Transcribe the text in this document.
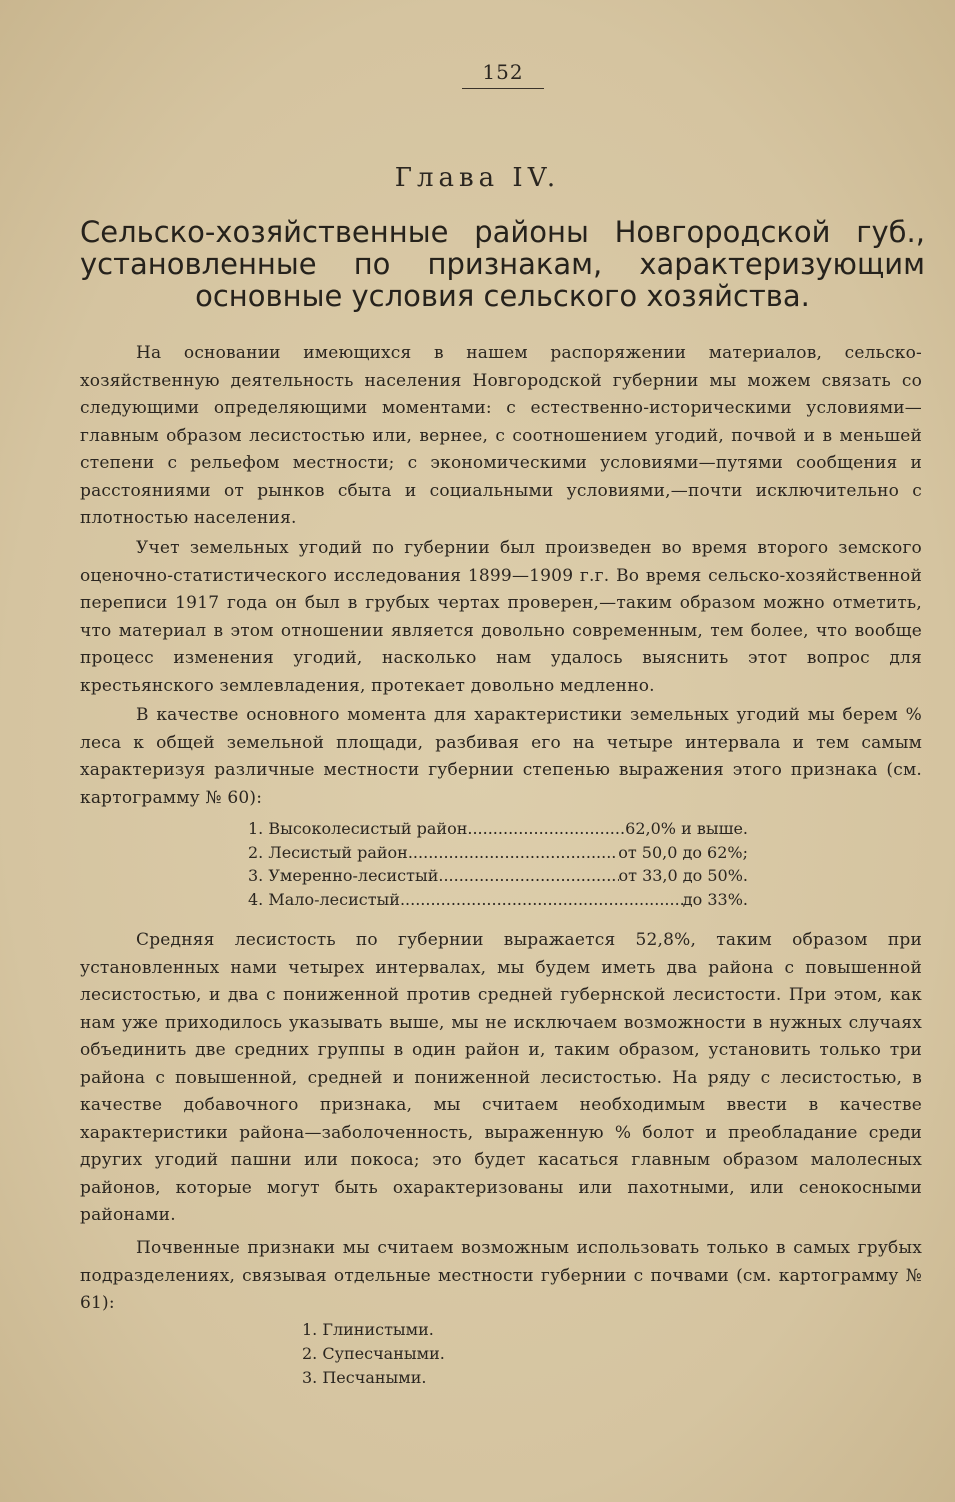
152
Глава IV.
Сельско-хозяйственные районы Новгородской губ., установленные по признакам, характеризующим основные условия сельского хозяйства.

На основании имеющихся в нашем распоряжении материалов, сельско-хозяйственную деятельность населения Новгородской губернии мы можем связать со следующими определяющими моментами: с естественно-историческими условиями— главным образом лесистостью или, вернее, с соотношением угодий, почвой и в меньшей степени с рельефом местности; с экономическими условиями—путями сообщения и расстояниями от рынков сбыта и социальными условиями,—почти исключительно с плотностью населения.

Учет земельных угодий по губернии был произведен во время второго земского оценочно-статистического исследования 1899—1909 г.г. Во время сельско-хозяйственной переписи 1917 года он был в грубых чертах проверен,—таким образом можно отметить, что материал в этом отношении является довольно современным, тем более, что вообще процесс изменения угодий, насколько нам удалось выяснить этот вопрос для крестьянского землевладения, протекает довольно медленно.

В качестве основного момента для характеристики земельных угодий мы берем % леса к общей земельной площади, разбивая его на четыре интервала и тем самым характеризуя различные местности губернии степенью выражения этого признака (см. картограмму № 60):

1. Высоколесистый район .....	62,0% и выше.
2. Лесистый район .....	от 50,0 до 62%;
3. Умеренно-лесистый .....	от 33,0 до 50%.
4. Мало-лесистый .....	до 33%.

Средняя лесистость по губернии выражается 52,8%, таким образом при установленных нами четырех интервалах, мы будем иметь два района с повышенной лесистостью, и два с пониженной против средней губернской лесистости. При этом, как нам уже приходилось указывать выше, мы не исключаем возможности в нужных случаях объединить две средних группы в один район и, таким образом, установить только три района с повышенной, средней и пониженной лесистостью. На ряду с лесистостью, в качестве добавочного признака, мы считаем необходимым ввести в качестве характеристики района—заболоченность, выраженную % болот и преобладание среди других угодий пашни или покоса; это будет касаться главным образом малолесных районов, которые могут быть охарактеризованы или пахотными, или сенокосными районами.

Почвенные признаки мы считаем возможным использовать только в самых грубых подразделениях, связывая отдельные местности губернии с почвами (см. картограмму № 61):

1. Глинистыми.
2. Супесчаными.
3. Песчаными.
